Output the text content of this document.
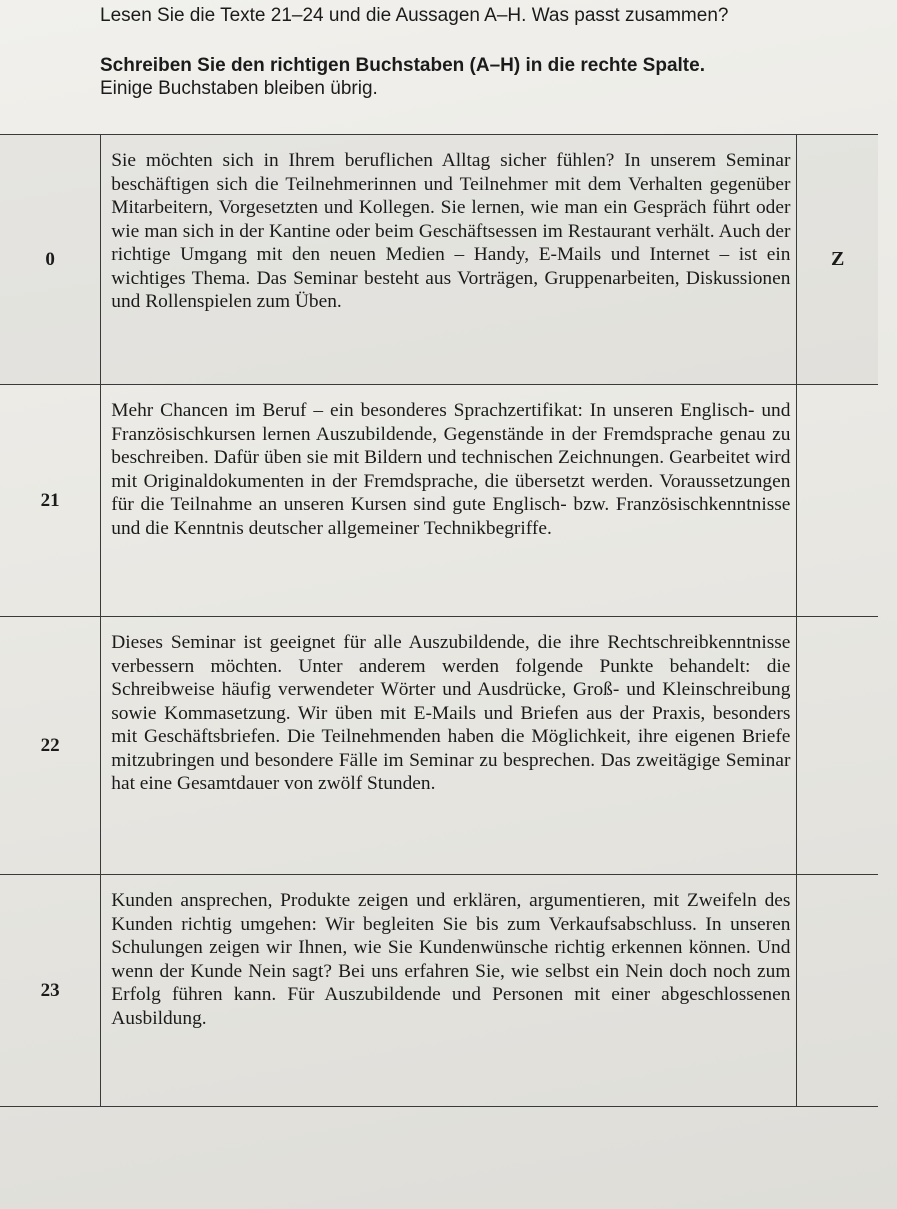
Lesen Sie die Texte 21–24 und die Aussagen A–H. Was passt zusammen?

Schreiben Sie den richtigen Buchstaben (A–H) in die rechte Spalte.

Einige Buchstaben bleiben übrig.

0	Sie möchten sich in Ihrem beruflichen Alltag sicher fühlen? In unserem Seminar beschäftigen sich die Teilnehmerinnen und Teilnehmer mit dem Verhalten gegenüber Mitarbeitern, Vorgesetzten und Kollegen. Sie lernen, wie man ein Gespräch führt oder wie man sich in der Kantine oder beim Geschäftsessen im Restaurant verhält. Auch der richtige Umgang mit den neuen Medien – Handy, E-Mails und Internet – ist ein wichtiges Thema. Das Seminar besteht aus Vorträgen, Gruppenarbeiten, Diskussionen und Rollenspielen zum Üben.	Z
21	Mehr Chancen im Beruf – ein besonderes Sprachzertifikat: In unseren Englisch- und Französischkursen lernen Auszubildende, Gegenstände in der Fremdsprache genau zu beschreiben. Dafür üben sie mit Bildern und technischen Zeichnungen. Gearbeitet wird mit Originaldokumenten in der Fremdsprache, die übersetzt werden. Voraussetzungen für die Teilnahme an unseren Kursen sind gute Englisch- bzw. Französischkenntnisse und die Kenntnis deutscher allgemeiner Technikbegriffe.	
22	Dieses Seminar ist geeignet für alle Auszubildende, die ihre Rechtschreibkenntnisse verbessern möchten. Unter anderem werden folgende Punkte behandelt: die Schreibweise häufig verwendeter Wörter und Ausdrücke, Groß- und Kleinschreibung sowie Kommasetzung. Wir üben mit E-Mails und Briefen aus der Praxis, besonders mit Geschäftsbriefen. Die Teilnehmenden haben die Möglichkeit, ihre eigenen Briefe mitzubringen und besondere Fälle im Seminar zu besprechen. Das zweitägige Seminar hat eine Gesamtdauer von zwölf Stunden.	
23	Kunden ansprechen, Produkte zeigen und erklären, argumentieren, mit Zweifeln des Kunden richtig umgehen: Wir begleiten Sie bis zum Verkaufsabschluss. In unseren Schulungen zeigen wir Ihnen, wie Sie Kundenwünsche richtig erkennen können. Und wenn der Kunde Nein sagt? Bei uns erfahren Sie, wie selbst ein Nein doch noch zum Erfolg führen kann. Für Auszubildende und Personen mit einer abgeschlossenen Ausbildung.	
